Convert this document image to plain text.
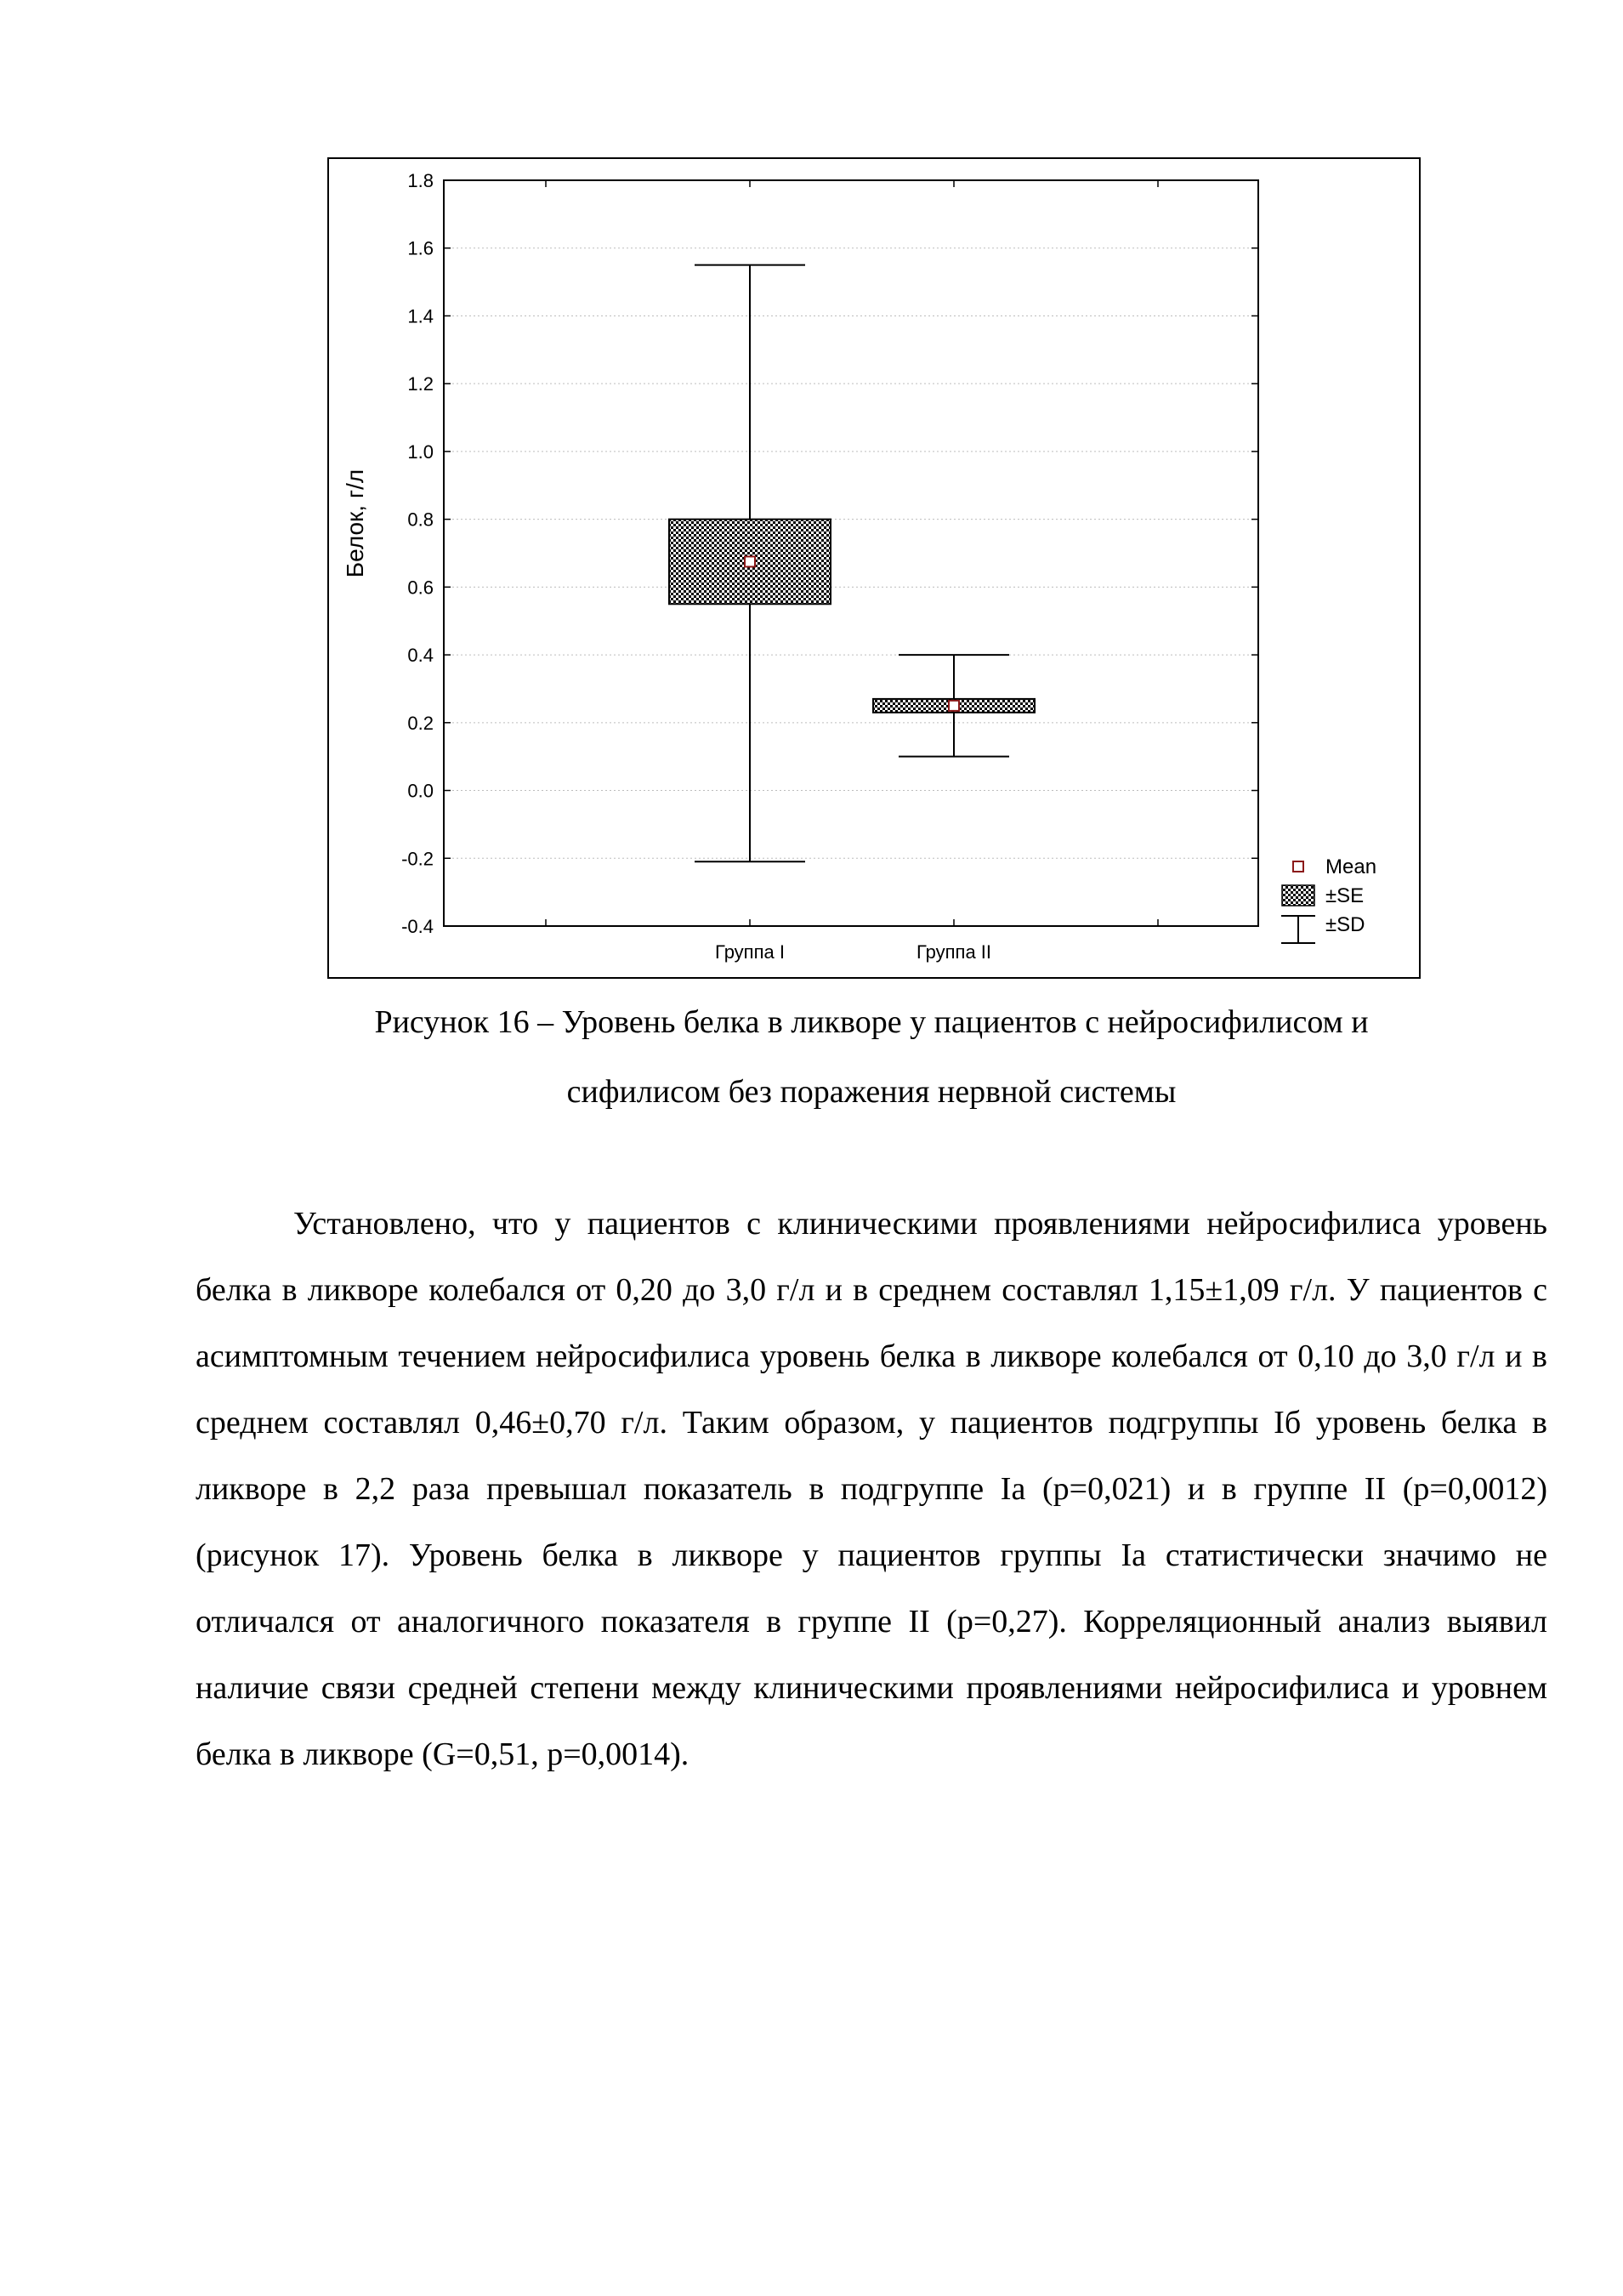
1.8
1.6
1.4
1.2
1.0
0.8
0.6
0.4
0.2
0.0
-0.2
-0.4
Группа I	Группа II
Белок, г/л
Mean
±SE
±SD
Рисунок 16 – Уровень белка в ликворе у пациентов с нейросифилисом и
сифилисом без поражения нервной системы

Установлено, что у пациентов с клиническими проявлениями нейросифилиса уровень белка в ликворе колебался от 0,20 до 3,0 г/л и в среднем составлял 1,15±1,09 г/л. У пациентов с асимптомным течением нейросифилиса уровень белка в ликворе колебался от 0,10 до 3,0 г/л и в среднем составлял 0,46±0,70 г/л. Таким образом, у пациентов подгруппы Iб уровень белка в ликворе в 2,2 раза превышал показатель в подгруппе Iа (p=0,021) и в группе II (p=0,0012) (рисунок 17). Уровень белка в ликворе у пациентов группы Iа статистически значимо не отличался от аналогичного показателя в группе II (p=0,27). Корреляционный анализ выявил наличие связи средней степени между клиническими проявлениями нейросифилиса и уровнем белка в ликворе (G=0,51, p=0,0014).
